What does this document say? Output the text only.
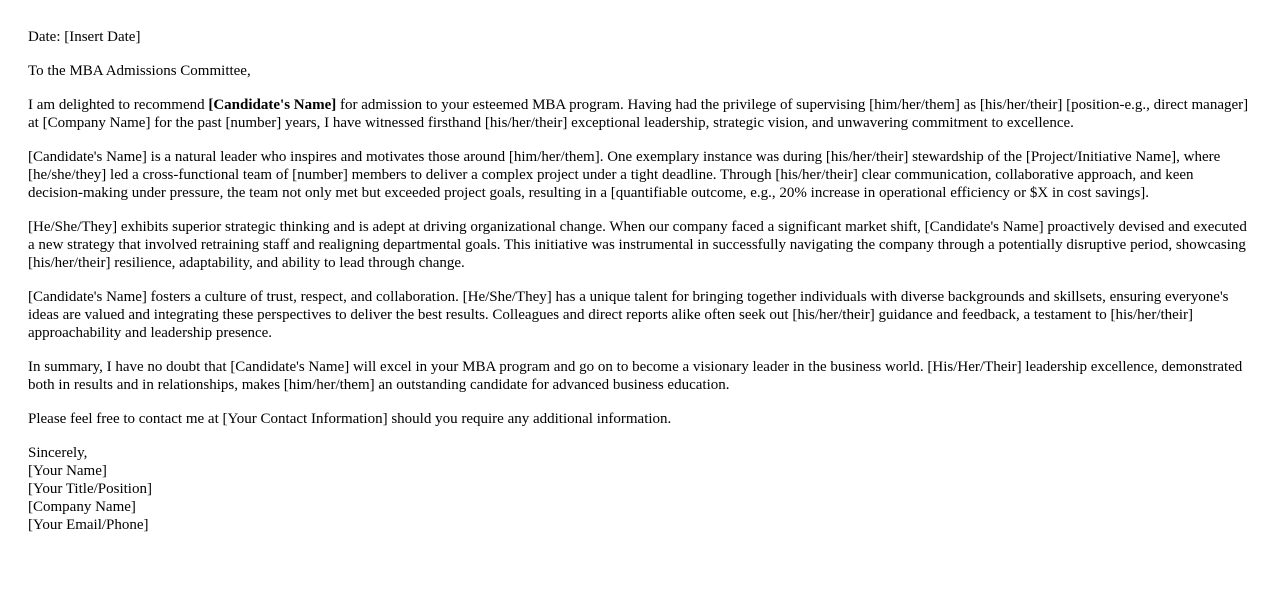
Date: [Insert Date]

To the MBA Admissions Committee,

I am delighted to recommend [Candidate's Name] for admission to your esteemed MBA program. Having had the privilege of supervising [him/her/them] as [his/her/their] [position-e.g., direct manager] at [Company Name] for the past [number] years, I have witnessed firsthand [his/her/their] exceptional leadership, strategic vision, and unwavering commitment to excellence.

[Candidate's Name] is a natural leader who inspires and motivates those around [him/her/them]. One exemplary instance was during [his/her/their] stewardship of the [Project/Initiative Name], where [he/she/they] led a cross-functional team of [number] members to deliver a complex project under a tight deadline. Through [his/her/their] clear communication, collaborative approach, and keen decision-making under pressure, the team not only met but exceeded project goals, resulting in a [quantifiable outcome, e.g., 20% increase in operational efficiency or $X in cost savings].

[He/She/They] exhibits superior strategic thinking and is adept at driving organizational change. When our company faced a significant market shift, [Candidate's Name] proactively devised and executed a new strategy that involved retraining staff and realigning departmental goals. This initiative was instrumental in successfully navigating the company through a potentially disruptive period, showcasing [his/her/their] resilience, adaptability, and ability to lead through change.

[Candidate's Name] fosters a culture of trust, respect, and collaboration. [He/She/They] has a unique talent for bringing together individuals with diverse backgrounds and skillsets, ensuring everyone's ideas are valued and integrating these perspectives to deliver the best results. Colleagues and direct reports alike often seek out [his/her/their] guidance and feedback, a testament to [his/her/their] approachability and leadership presence.

In summary, I have no doubt that [Candidate's Name] will excel in your MBA program and go on to become a visionary leader in the business world. [His/Her/Their] leadership excellence, demonstrated both in results and in relationships, makes [him/her/them] an outstanding candidate for advanced business education.

Please feel free to contact me at [Your Contact Information] should you require any additional information.

Sincerely,
[Your Name]
[Your Title/Position]
[Company Name]
[Your Email/Phone]
